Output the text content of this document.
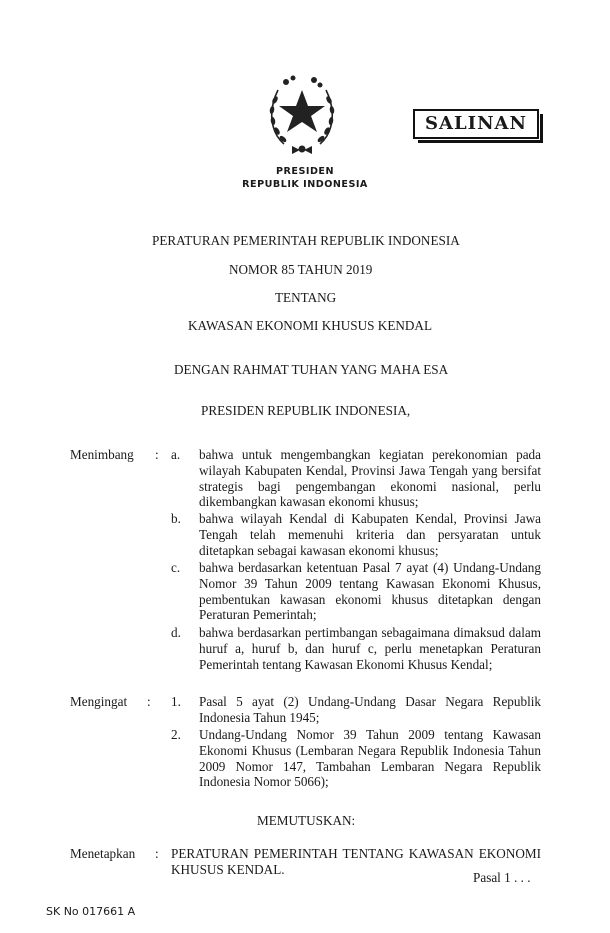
SALINAN
PRESIDEN
REPUBLIK INDONESIA
PERATURAN PEMERINTAH REPUBLIK INDONESIA
NOMOR 85 TAHUN 2019
TENTANG
KAWASAN EKONOMI KHUSUS KENDAL
DENGAN RAHMAT TUHAN YANG MAHA ESA
PRESIDEN REPUBLIK INDONESIA,
Menimbang : a. bahwa untuk mengembangkan kegiatan perekonomian pada wilayah Kabupaten Kendal, Provinsi Jawa Tengah yang bersifat strategis bagi pengembangan ekonomi nasional, perlu dikembangkan kawasan ekonomi khusus;
b. bahwa wilayah Kendal di Kabupaten Kendal, Provinsi Jawa Tengah telah memenuhi kriteria dan persyaratan untuk ditetapkan sebagai kawasan ekonomi khusus;
c. bahwa berdasarkan ketentuan Pasal 7 ayat (4) Undang-Undang Nomor 39 Tahun 2009 tentang Kawasan Ekonomi Khusus, pembentukan kawasan ekonomi khusus ditetapkan dengan Peraturan Pemerintah;
d. bahwa berdasarkan pertimbangan sebagaimana dimaksud dalam huruf a, huruf b, dan huruf c, perlu menetapkan Peraturan Pemerintah tentang Kawasan Ekonomi Khusus Kendal;
Mengingat : 1. Pasal 5 ayat (2) Undang-Undang Dasar Negara Republik Indonesia Tahun 1945;
2. Undang-Undang Nomor 39 Tahun 2009 tentang Kawasan Ekonomi Khusus (Lembaran Negara Republik Indonesia Tahun 2009 Nomor 147, Tambahan Lembaran Negara Republik Indonesia Nomor 5066);
MEMUTUSKAN:
Menetapkan : PERATURAN PEMERINTAH TENTANG KAWASAN EKONOMI KHUSUS KENDAL.
Pasal 1 . . .
SK No 017661 A
